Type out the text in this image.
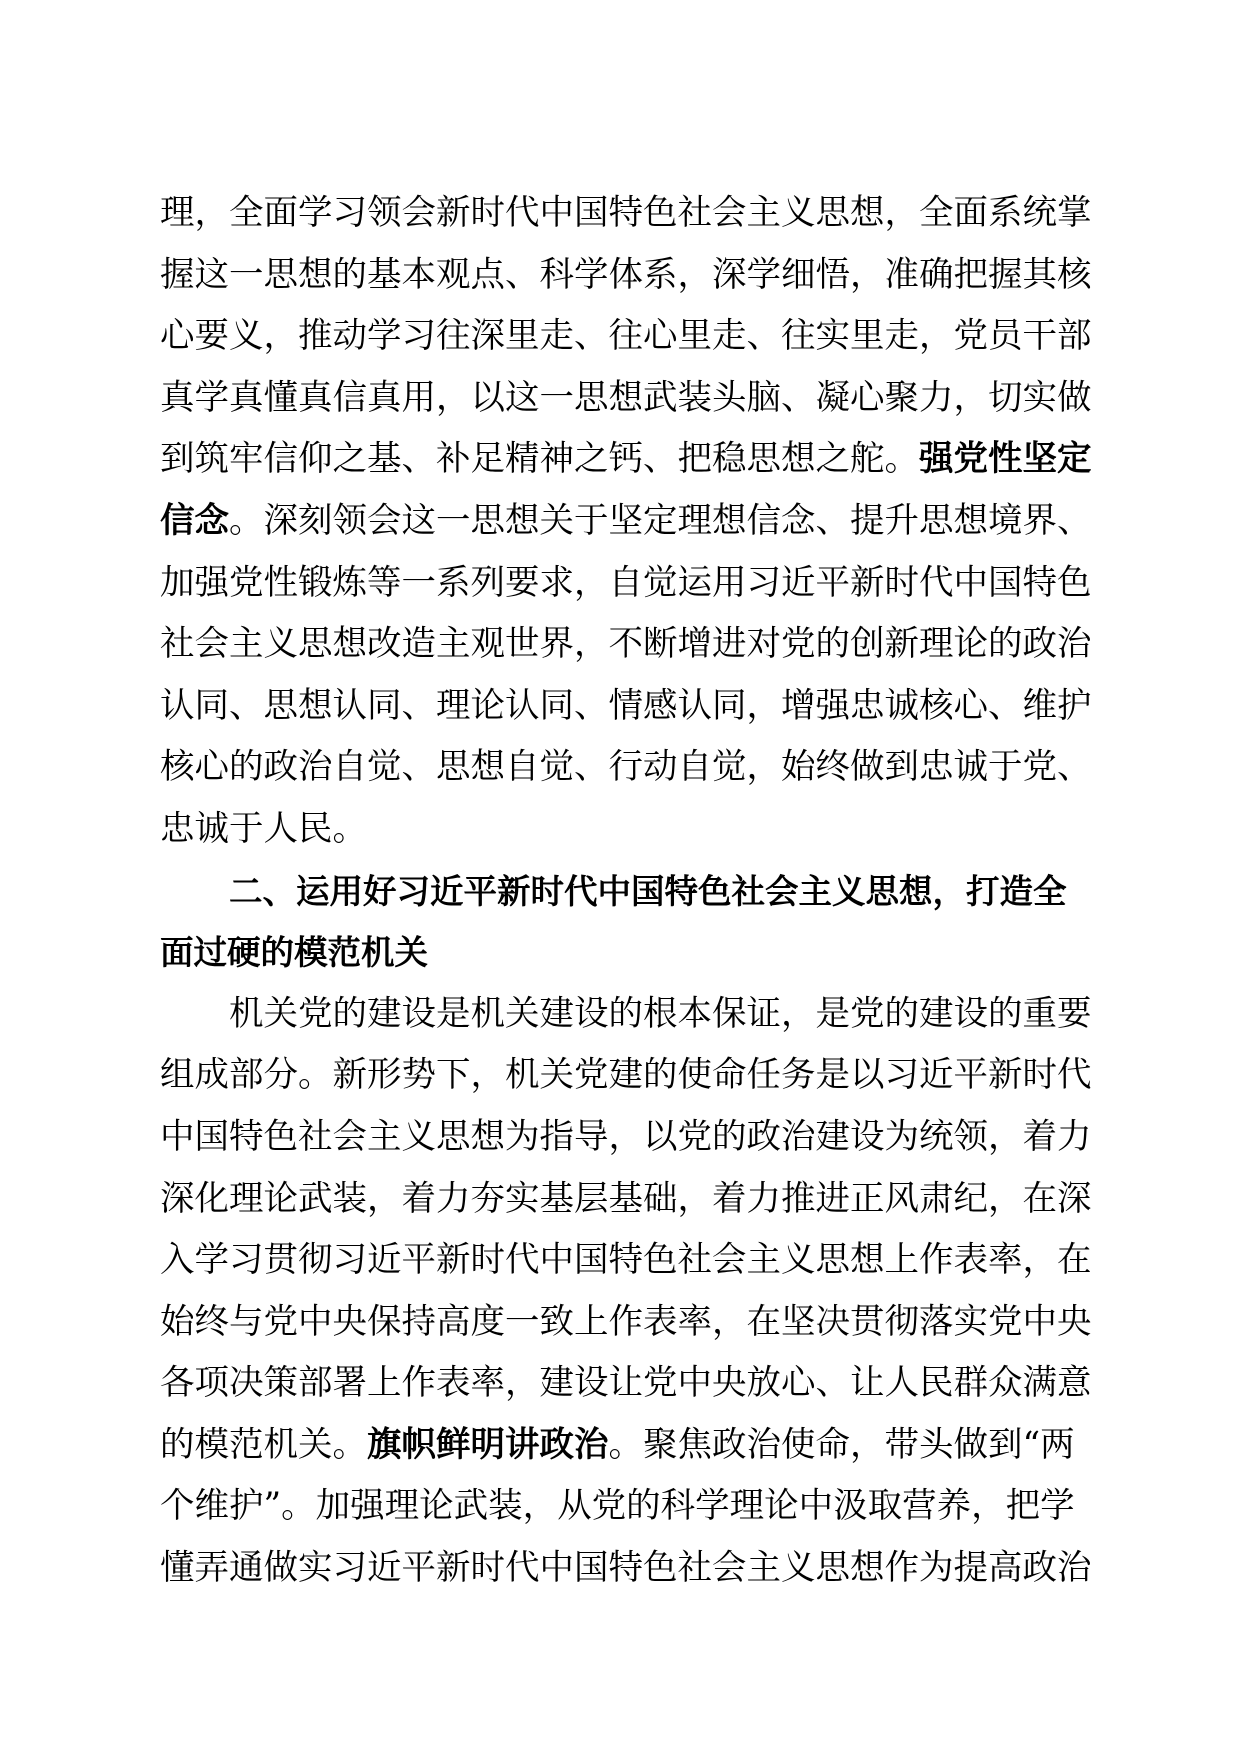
理，全面学习领会新时代中国特色社会主义思想，全面系统掌
握这一思想的基本观点、科学体系，深学细悟，准确把握其核
心要义，推动学习往深里走、往心里走、往实里走，党员干部
真学真懂真信真用，以这一思想武装头脑、凝心聚力，切实做
到筑牢信仰之基、补足精神之钙、把稳思想之舵。强党性坚定
信念。深刻领会这一思想关于坚定理想信念、提升思想境界、
加强党性锻炼等一系列要求，自觉运用习近平新时代中国特色
社会主义思想改造主观世界，不断增进对党的创新理论的政治
认同、思想认同、理论认同、情感认同，增强忠诚核心、维护
核心的政治自觉、思想自觉、行动自觉，始终做到忠诚于党、
忠诚于人民。
二、运用好习近平新时代中国特色社会主义思想，打造全
面过硬的模范机关
机关党的建设是机关建设的根本保证，是党的建设的重要
组成部分。新形势下，机关党建的使命任务是以习近平新时代
中国特色社会主义思想为指导，以党的政治建设为统领，着力
深化理论武装，着力夯实基层基础，着力推进正风肃纪，在深
入学习贯彻习近平新时代中国特色社会主义思想上作表率，在
始终与党中央保持高度一致上作表率，在坚决贯彻落实党中央
各项决策部署上作表率，建设让党中央放心、让人民群众满意
的模范机关。旗帜鲜明讲政治。聚焦政治使命，带头做到“两
个维护”。加强理论武装，从党的科学理论中汲取营养，把学
懂弄通做实习近平新时代中国特色社会主义思想作为提高政治
